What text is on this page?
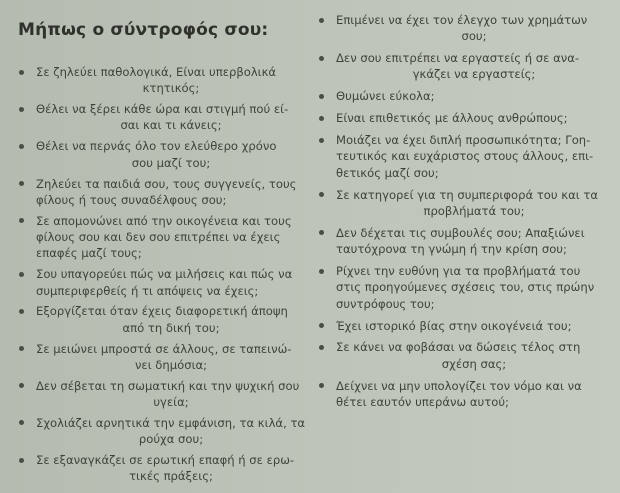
Μήπως ο σύντροφός σου:
Σε ζηλεύει παθολογικά, Είναι υπερβολικά
κτητικός;
Θέλει να ξέρει κάθε ώρα και στιγμή πού εί-
σαι και τι κάνεις;
Θέλει να περνάς όλο τον ελεύθερο χρόνο
σου μαζί του;
Ζηλεύει τα παιδιά σου, τους συγγενείς, τους
φίλους ή τους συναδέλφους σου;
Σε απομονώνει από την οικογένεια και τους
φίλους σου και δεν σου επιτρέπει να έχεις
επαφές μαζί τους;
Σου υπαγορεύει πώς να μιλήσεις και πώς να
συμπεριφερθείς ή τι απόψεις να έχεις;
Εξοργίζεται όταν έχεις διαφορετική άποψη
από τη δική του;
Σε μειώνει μπροστά σε άλλους, σε ταπεινώ-
νει δημόσια;
Δεν σέβεται τη σωματική και την ψυχική σου
υγεία;
Σχολιάζει αρνητικά την εμφάνιση, τα κιλά, τα
ρούχα σου;
Σε εξαναγκάζει σε ερωτική επαφή ή σε ερω-
τικές πράξεις;
Επιμένει να έχει τον έλεγχο των χρημάτων
σου;
Δεν σου επιτρέπει να εργαστείς ή σε ανα-
γκάζει να εργαστείς;
Θυμώνει εύκολα;
Είναι επιθετικός με άλλους ανθρώπους;
Μοιάζει να έχει διπλή προσωπικότητα; Γοη-
τευτικός και ευχάριστος στους άλλους, επι-
θετικός μαζί σου;
Σε κατηγορεί για τη συμπεριφορά του και τα
προβλήματά του;
Δεν δέχεται τις συμβουλές σου; Απαξιώνει
ταυτόχρονα τη γνώμη ή την κρίση σου;
Ρίχνει την ευθύνη για τα προβλήματά του
στις προηγούμενες σχέσεις του, στις πρώην
συντρόφους του;
Έχει ιστορικό βίας στην οικογένειά του;
Σε κάνει να φοβάσαι να δώσεις τέλος στη
σχέση σας;
Δείχνει να μην υπολογίζει τον νόμο και να
θέτει εαυτόν υπεράνω αυτού;
